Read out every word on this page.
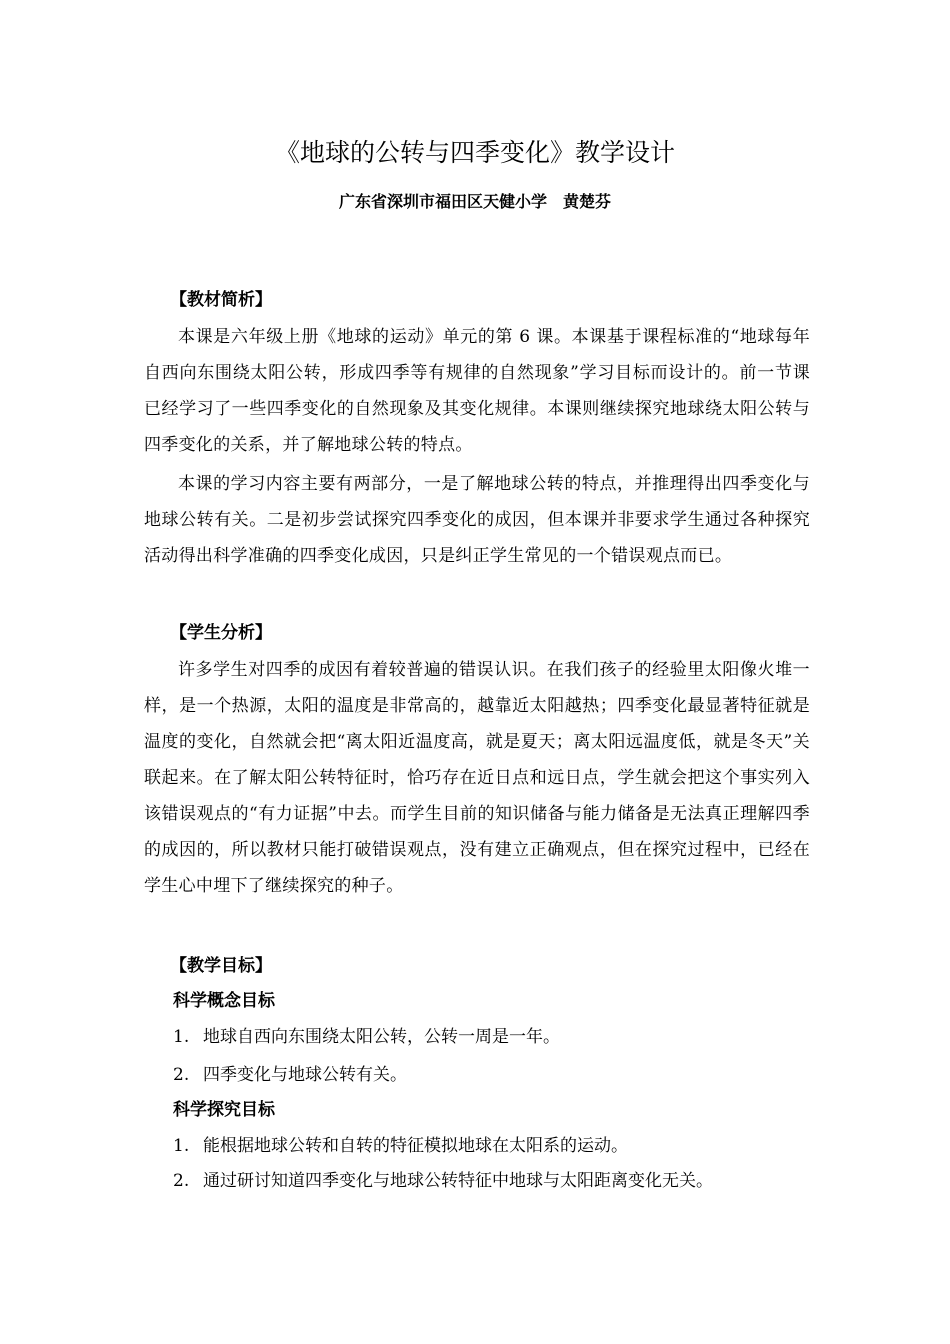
《地球的公转与四季变化》教学设计
广东省深圳市福田区天健小学　黄楚芬
【教材简析】
本课是六年级上册《地球的运动》单元的第 6 课。本课基于课程标准的“地球每年自西向东围绕太阳公转，形成四季等有规律的自然现象”学习目标而设计的。前一节课已经学习了一些四季变化的自然现象及其变化规律。本课则继续探究地球绕太阳公转与四季变化的关系，并了解地球公转的特点。
本课的学习内容主要有两部分，一是了解地球公转的特点，并推理得出四季变化与地球公转有关。二是初步尝试探究四季变化的成因，但本课并非要求学生通过各种探究活动得出科学准确的四季变化成因，只是纠正学生常见的一个错误观点而已。
【学生分析】
许多学生对四季的成因有着较普遍的错误认识。在我们孩子的经验里太阳像火堆一样，是一个热源，太阳的温度是非常高的，越靠近太阳越热；四季变化最显著特征就是温度的变化，自然就会把“离太阳近温度高，就是夏天；离太阳远温度低，就是冬天”关联起来。在了解太阳公转特征时，恰巧存在近日点和远日点，学生就会把这个事实列入该错误观点的“有力证据”中去。而学生目前的知识储备与能力储备是无法真正理解四季的成因的，所以教材只能打破错误观点，没有建立正确观点，但在探究过程中，已经在学生心中埋下了继续探究的种子。
【教学目标】
科学概念目标
1. 地球自西向东围绕太阳公转，公转一周是一年。
2. 四季变化与地球公转有关。
科学探究目标
1. 能根据地球公转和自转的特征模拟地球在太阳系的运动。
2. 通过研讨知道四季变化与地球公转特征中地球与太阳距离变化无关。
